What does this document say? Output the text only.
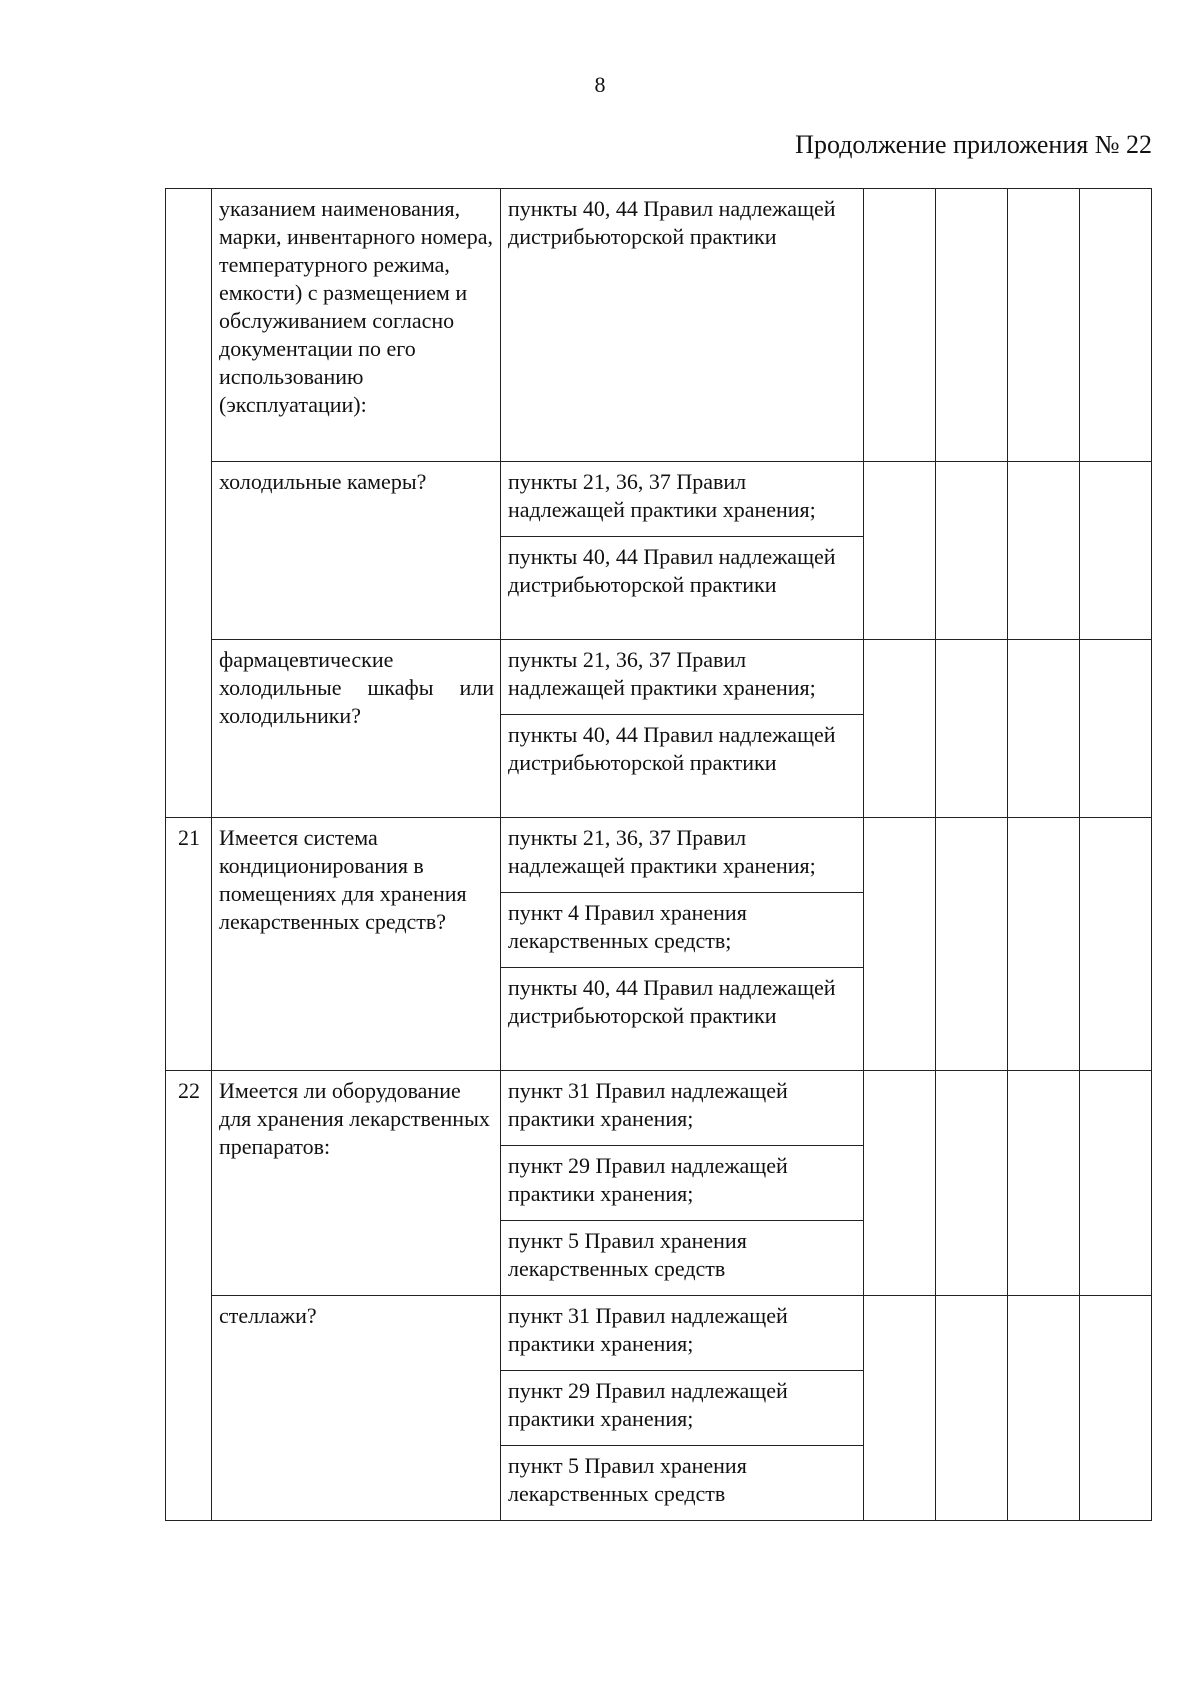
8
Продолжение приложения № 22
	указанием наименования, марки, инвентарного номера, температурного режима, емкости) с размещением и обслуживанием согласно документации по его использованию (эксплуатации):	пункты 40, 44 Правил надлежащей дистрибьюторской практики				
	холодильные камеры?	пункты 21, 36, 37 Правил надлежащей практики хранения;				
		пункты 40, 44 Правил надлежащей дистрибьюторской практики				
	фармацевтические холодильные шкафы или холодильники?	пункты 21, 36, 37 Правил надлежащей практики хранения;				
		пункты 40, 44 Правил надлежащей дистрибьюторской практики				
21	Имеется система кондиционирования в помещениях для хранения лекарственных средств?	пункты 21, 36, 37 Правил надлежащей практики хранения;				
		пункт 4 Правил хранения лекарственных средств;				
		пункты 40, 44 Правил надлежащей дистрибьюторской практики				
22	Имеется ли оборудование для хранения лекарственных препаратов:	пункт 31 Правил надлежащей практики хранения;				
		пункт 29 Правил надлежащей практики хранения;				
		пункт 5 Правил хранения лекарственных средств				
	стеллажи?	пункт 31 Правил надлежащей практики хранения;				
		пункт 29 Правил надлежащей практики хранения;				
		пункт 5 Правил хранения лекарственных средств				
